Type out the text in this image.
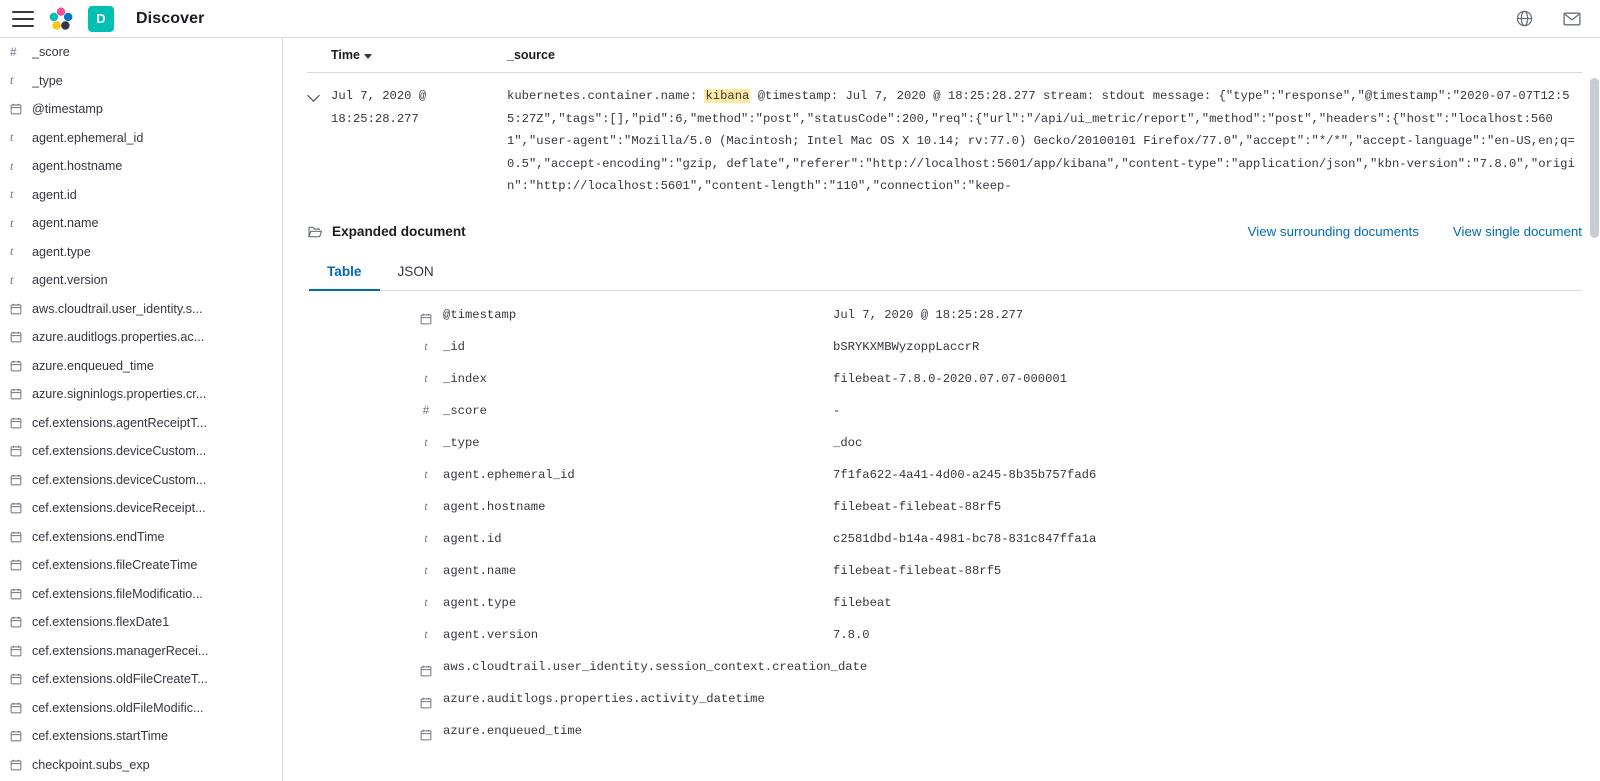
D	Discover
#	_score
t	_type
@timestamp
t	agent.ephemeral_id
t	agent.hostname
t	agent.id
t	agent.name
t	agent.type
t	agent.version
aws.cloudtrail.user_identity.s...
azure.auditlogs.properties.ac...
azure.enqueued_time
azure.signinlogs.properties.cr...
cef.extensions.agentReceiptT...
cef.extensions.deviceCustom...
cef.extensions.deviceCustom...
cef.extensions.deviceReceipt...
cef.extensions.endTime
cef.extensions.fileCreateTime
cef.extensions.fileModificatio...
cef.extensions.flexDate1
cef.extensions.managerRecei...
cef.extensions.oldFileCreateT...
cef.extensions.oldFileModific...
cef.extensions.startTime
checkpoint.subs_exp
Time	_source
Jul 7, 2020 @ 18:25:28.277
kubernetes.container.name: kibana @timestamp: Jul 7, 2020 @ 18:25:28.277 stream: stdout message: {"type":"response","@timestamp":"2020-07-07T12:55:27Z","tags":[],"pid":6,"method":"post","statusCode":200,"req":{"url":"/api/ui_metric/report","method":"post","headers":{"host":"localhost:5601","user-agent":"Mozilla/5.0 (Macintosh; Intel Mac OS X 10.14; rv:77.0) Gecko/20100101 Firefox/77.0","accept":"*/*","accept-language":"en-US,en;q=0.5","accept-encoding":"gzip, deflate","referer":"http://localhost:5601/app/kibana","content-type":"application/json","kbn-version":"7.8.0","origin":"http://localhost:5601","content-length":"110","connection":"keep-
Expanded document	View surrounding documents	View single document
Table	JSON
@timestamp	Jul 7, 2020 @ 18:25:28.277
t	_id	bSRYKXMBWyzoppLaccrR
t	_index	filebeat-7.8.0-2020.07.07-000001
#	_score	-
t	_type	_doc
t	agent.ephemeral_id	7f1fa622-4a41-4d00-a245-8b35b757fad6
t	agent.hostname	filebeat-filebeat-88rf5
t	agent.id	c2581dbd-b14a-4981-bc78-831c847ffa1a
t	agent.name	filebeat-filebeat-88rf5
t	agent.type	filebeat
t	agent.version	7.8.0
aws.cloudtrail.user_identity.session_context.creation_date
azure.auditlogs.properties.activity_datetime
azure.enqueued_time
